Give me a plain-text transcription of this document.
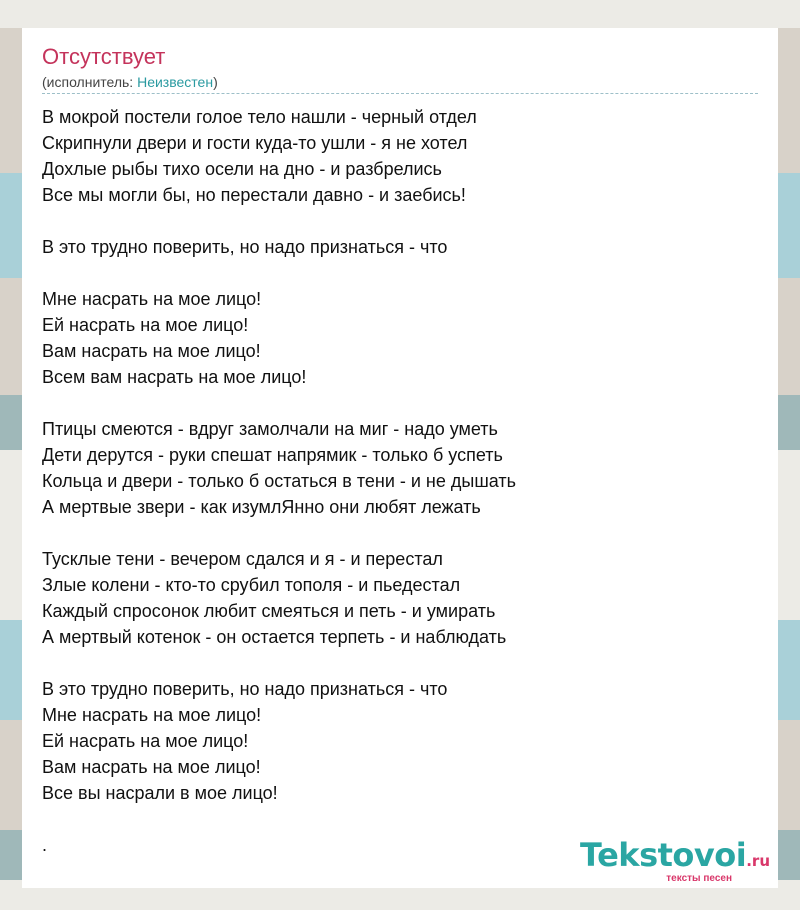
Отсутствует
(исполнитель: Неизвестен)
В мокрой постели голое тело нашли - черный отдел
Скрипнули двери и гости куда-то ушли - я не хотел
Дохлые рыбы тихо осели на дно - и разбрелись
Все мы могли бы, но перестали давно - и заебись!
В это трудно поверить, но надо признаться - что
Мне насрать на мое лицо!
Ей насрать на мое лицо!
Вам насрать на мое лицо!
Всем вам насрать на мое лицо!
Птицы смеются - вдруг замолчали на миг - надо уметь
Дети дерутся - руки спешат напрямик - только б успеть
Кольца и двери - только б остаться в тени - и не дышать
А мертвые звери - как изумлЯнно они любят лежать
Тусклые тени - вечером сдался и я - и перестал
Злые колени - кто-то срубил тополя - и пьедестал
Каждый спросонок любит смеяться и петь - и умирать
А мертвый котенок - он остается терпеть - и наблюдать
В это трудно поверить, но надо признаться - что
Мне насрать на мое лицо!
Ей насрать на мое лицо!
Вам насрать на мое лицо!
Все вы насрали в мое лицо!
.	Tekstovoi.ru
тексты песен
